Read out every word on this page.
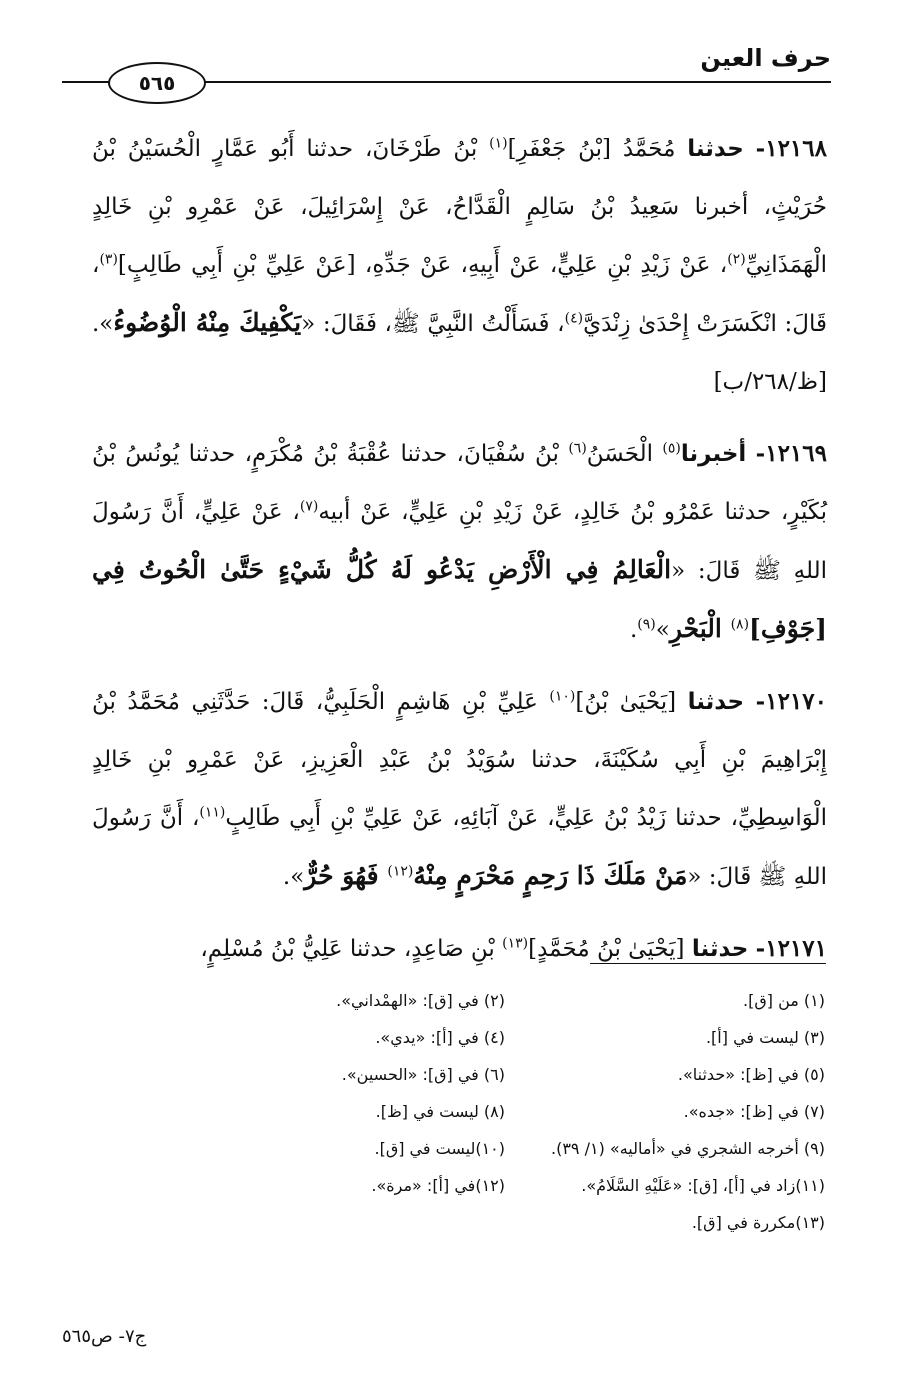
حرف العين
٥٦٥

١٢١٦٨- حدثنا مُحَمَّدُ [بْنُ جَعْفَرِ]$^{(١)}$ بْنُ طَرْخَانَ، حدثنا أَبُو عَمَّارٍ الْحُسَيْنُ بْنُ حُرَيْثٍ، أخبرنا سَعِيدُ بْنُ سَالِمٍ الْقَدَّاحُ، عَنْ إِسْرَائِيلَ، عَنْ عَمْرِو بْنِ خَالِدٍ الْهَمَذَانِيِّ$^{(٢)}$، عَنْ زَيْدِ بْنِ عَلِيٍّ، عَنْ أَبِيهِ، عَنْ جَدِّهِ، [عَنْ عَلِيِّ بْنِ أَبِي طَالِبٍ]$^{(٣)}$، قَالَ: انْكَسَرَتْ إِحْدَىٰ زِنْدَيَّ$^{(٤)}$، فَسَأَلْتُ النَّبِيَّ ﷺ، فَقَالَ: «يَكْفِيكَ مِنْهُ الْوُضُوءُ». [ظ/٢٦٨/ب]

١٢١٦٩- أخبرنا$^{(٥)}$ الْحَسَنُ$^{(٦)}$ بْنُ سُفْيَانَ، حدثنا عُقْبَةُ بْنُ مُكْرَمٍ، حدثنا يُونُسُ بْنُ بُكَيْرٍ، حدثنا عَمْرُو بْنُ خَالِدٍ، عَنْ زَيْدِ بْنِ عَلِيٍّ، عَنْ أبيه$^{(٧)}$، عَنْ عَلِيٍّ، أَنَّ رَسُولَ اللهِ ﷺ قَالَ: «الْعَالِمُ فِي الْأَرْضِ يَدْعُو لَهُ كُلُّ شَيْءٍ حَتَّىٰ الْحُوتُ فِي [جَوْفِ]$^{(٨)}$ الْبَحْرِ»$^{(٩)}$.

١٢١٧٠- حدثنا [يَحْيَىٰ بْنُ]$^{(١٠)}$ عَلِيِّ بْنِ هَاشِمٍ الْحَلَبِيُّ، قَالَ: حَدَّثَنِي مُحَمَّدُ بْنُ إِبْرَاهِيمَ بْنِ أَبِي سُكَيْنَةَ، حدثنا سُوَيْدُ بْنُ عَبْدِ الْعَزِيزِ، عَنْ عَمْرِو بْنِ خَالِدٍ الْوَاسِطِيِّ، حدثنا زَيْدُ بْنُ عَلِيٍّ، عَنْ آبَائِهِ، عَنْ عَلِيِّ بْنِ أَبِي طَالِبٍ$^{(١١)}$، أَنَّ رَسُولَ اللهِ ﷺ قَالَ: «مَنْ مَلَكَ ذَا رَحِمٍ مَحْرَمٍ مِنْهُ$^{(١٢)}$ فَهُوَ حُرٌّ».

١٢١٧١- حدثنا [يَحْيَىٰ بْنُ مُحَمَّدٍ]$^{(١٣)}$ بْنِ صَاعِدٍ، حدثنا عَلِيُّ بْنُ مُسْلِمٍ،

(١) من [ق].
(٢) في [ق]: «الهمْداني».
(٣) ليست في [أ].
(٤) في [أ]: «يدي».
(٥) في [ظ]: «حدثنا».
(٦) في [ق]: «الحسين».
(٧) في [ظ]: «جده».
(٨) ليست في [ظ].
(٩) أخرجه الشجري في «أماليه» (١/ ٣٩).
(١٠)ليست في [ق].
(١١)زاد في [أ]، [ق]: «عَلَيْهِ السَّلَامُ».
(١٢)في [أ]: «مرة».
(١٣)مكررة في [ق].
ج٧- ص٥٦٥
